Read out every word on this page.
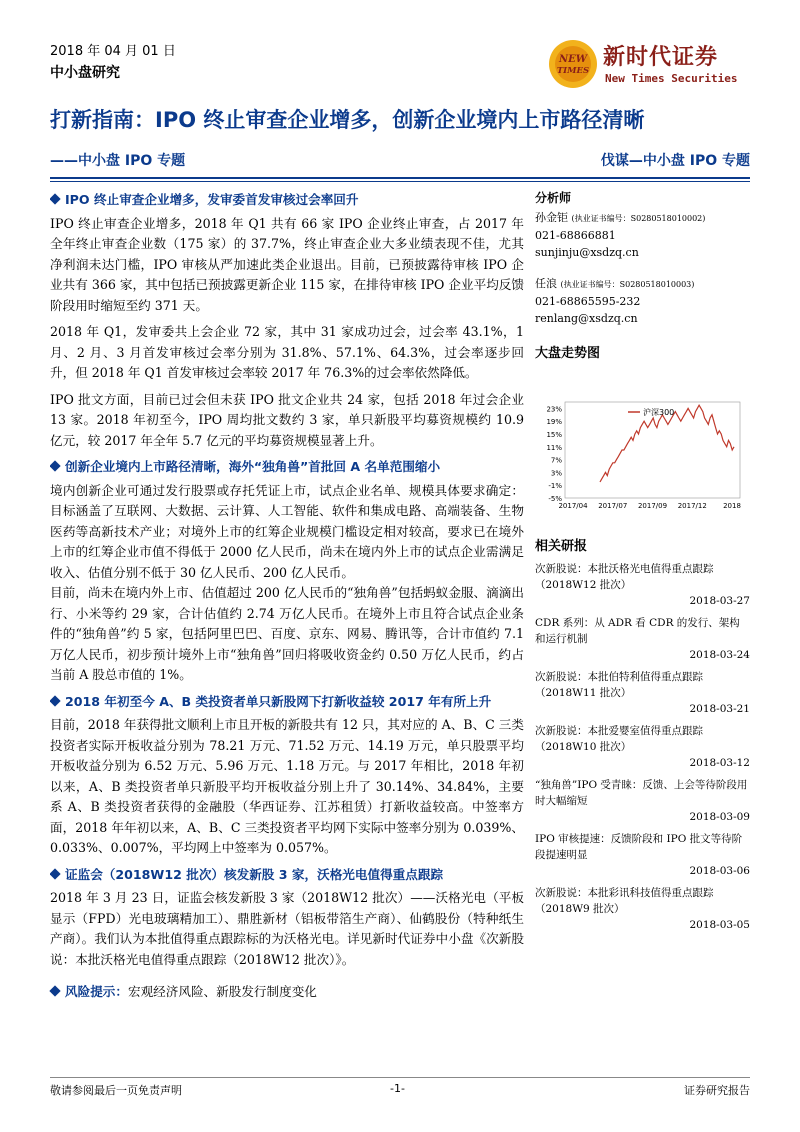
2018 年 04 月 01 日
中小盘研究
NEW
TIMES
新时代证券
New Times Securities
打新指南：IPO 终止审查企业增多，创新企业境内上市路径清晰
——中小盘 IPO 专题	伐谋—中小盘 IPO 专题
IPO 终止审查企业增多，发审委首发审核过会率回升

IPO 终止审查企业增多，2018 年 Q1 共有 66 家 IPO 企业终止审查，占 2017 年全年终止审查企业数（175 家）的 37.7%，终止审查企业大多业绩表现不佳，尤其净利润未达门槛，IPO 审核从严加速此类企业退出。目前，已预披露待审核 IPO 企业共有 366 家，其中包括已预披露更新企业 115 家，在排待审核 IPO 企业平均反馈阶段用时缩短至约 371 天。

2018 年 Q1，发审委共上会企业 72 家，其中 31 家成功过会，过会率 43.1%，1 月、2 月、3 月首发审核过会率分别为 31.8%、57.1%、64.3%，过会率逐步回升，但 2018 年 Q1 首发审核过会率较 2017 年 76.3%的过会率依然降低。

IPO 批文方面，目前已过会但未获 IPO 批文企业共 24 家，包括 2018 年过会企业 13 家。2018 年初至今，IPO 周均批文数约 3 家，单只新股平均募资规模约 10.9 亿元，较 2017 年全年 5.7 亿元的平均募资规模显著上升。

创新企业境内上市路径清晰，海外“独角兽”首批回 A 名单范围缩小

境内创新企业可通过发行股票或存托凭证上市，试点企业名单、规模具体要求确定：目标涵盖了互联网、大数据、云计算、人工智能、软件和集成电路、高端装备、生物医药等高新技术产业；对境外上市的红筹企业规模门槛设定相对较高，要求已在境外上市的红筹企业市值不得低于 2000 亿人民币，尚未在境内外上市的试点企业需满足收入、估值分别不低于 30 亿人民币、200 亿人民币。

目前，尚未在境内外上市、估值超过 200 亿人民币的“独角兽”包括蚂蚁金服、滴滴出行、小米等约 29 家，合计估值约 2.74 万亿人民币。在境外上市且符合试点企业条件的“独角兽”约 5 家，包括阿里巴巴、百度、京东、网易、腾讯等，合计市值约 7.1 万亿人民币，初步预计境外上市“独角兽”回归将吸收资金约 0.50 万亿人民币，约占当前 A 股总市值的 1%。

2018 年初至今 A、B 类投资者单只新股网下打新收益较 2017 年有所上升

目前，2018 年获得批文顺利上市且开板的新股共有 12 只，其对应的 A、B、C 三类投资者实际开板收益分别为 78.21 万元、71.52 万元、14.19 万元，单只股票平均开板收益分别为 6.52 万元、5.96 万元、1.18 万元。与 2017 年相比，2018 年初以来，A、B 类投资者单只新股平均开板收益分别上升了 30.14%、34.84%，主要系 A、B 类投资者获得的金融股（华西证券、江苏租赁）打新收益较高。中签率方面，2018 年年初以来，A、B、C 三类投资者平均网下实际中签率分别为 0.039%、0.033%、0.007%，平均网上中签率为 0.057%。

证监会（2018W12 批次）核发新股 3 家，沃格光电值得重点跟踪

2018 年 3 月 23 日，证监会核发新股 3 家（2018W12 批次）——沃格光电（平板显示（FPD）光电玻璃精加工）、鼎胜新材（铝板带箔生产商）、仙鹤股份（特种纸生产商）。我们认为本批值得重点跟踪标的为沃格光电。详见新时代证券中小盘《次新股说：本批沃格光电值得重点跟踪（2018W12 批次）》。

风险提示：宏观经济风险、新股发行制度变化
分析师
孙金钜 (执业证书编号：S0280518010002)
021-68866881
sunjinju@xsdzq.cn
任浪 (执业证书编号：S0280518010003)
021-68865595-232
renlang@xsdzq.cn
大盘走势图
23%
19%
15%
11%
7%
3%
-1%
-5%
2017/04 2017/07 2017/09 2017/12 2018
沪深300
相关研报
次新股说：本批沃格光电值得重点跟踪（2018W12 批次）
2018-03-27
CDR 系列：从 ADR 看 CDR 的发行、架构和运行机制
2018-03-24
次新股说：本批伯特利值得重点跟踪（2018W11 批次）
2018-03-21
次新股说：本批爱婴室值得重点跟踪（2018W10 批次）
2018-03-12
“独角兽”IPO 受青睐：反馈、上会等待阶段用时大幅缩短
2018-03-09
IPO 审核提速：反馈阶段和 IPO 批文等待阶段提速明显
2018-03-06
次新股说：本批彩讯科技值得重点跟踪（2018W9 批次）
2018-03-05
敬请参阅最后一页免责声明	-1-	证券研究报告
